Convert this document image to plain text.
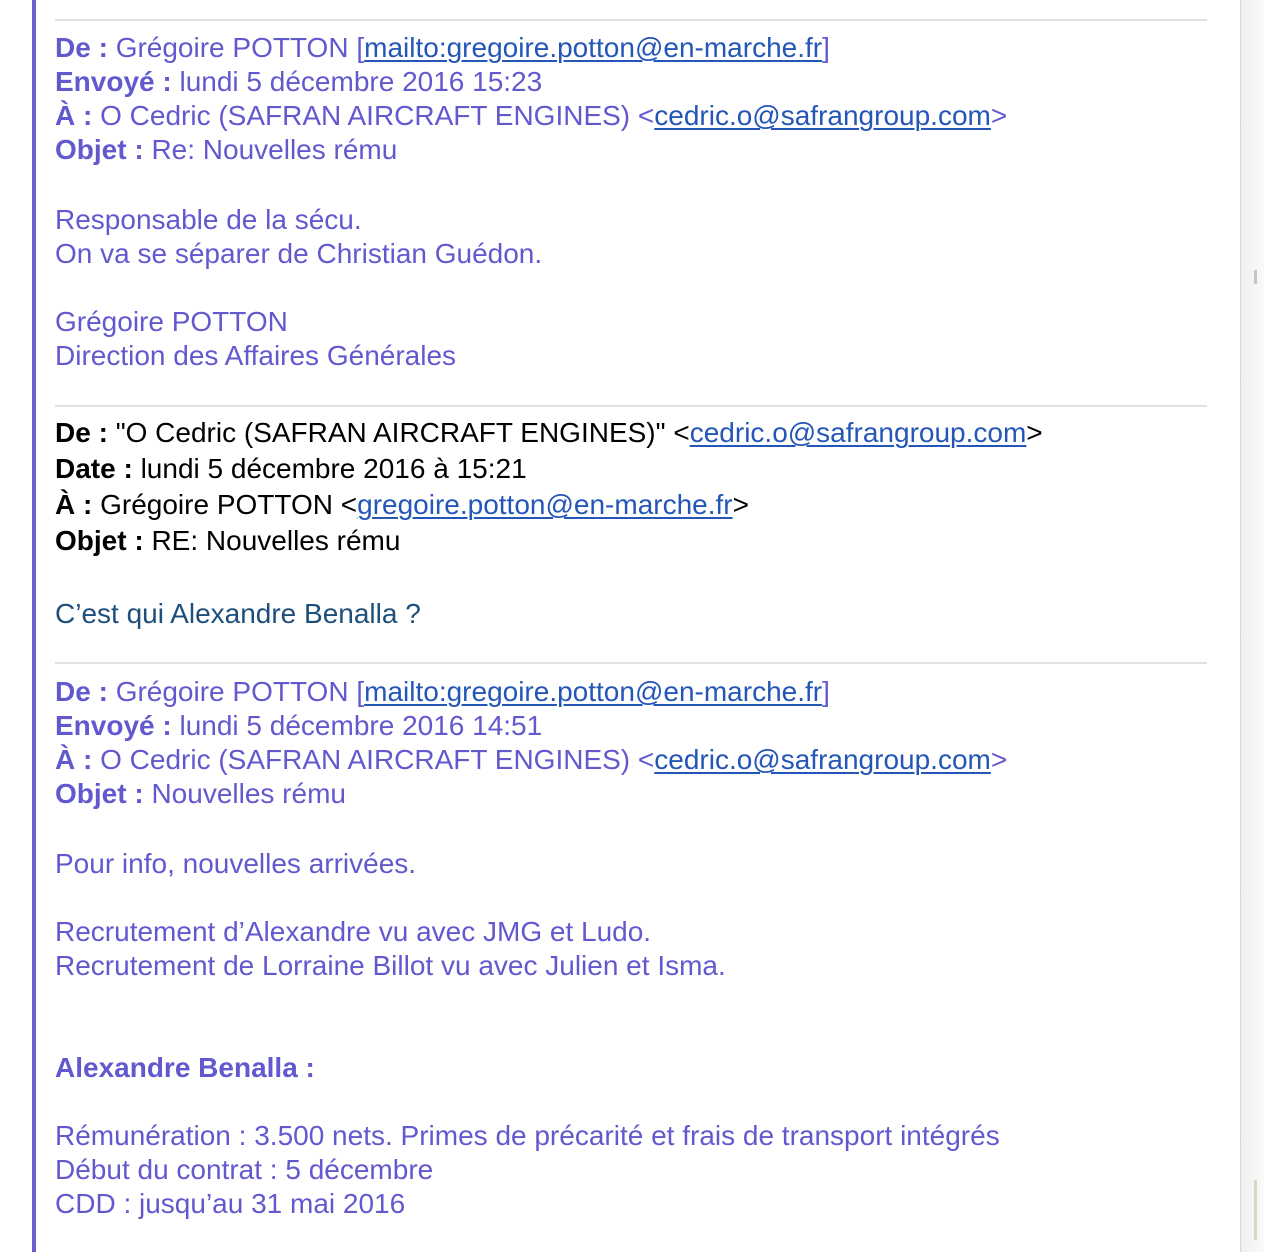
De : Grégoire POTTON [mailto:gregoire.potton@en-marche.fr]
Envoyé : lundi 5 décembre 2016 15:23
À : O Cedric (SAFRAN AIRCRAFT ENGINES) <cedric.o@safrangroup.com>
Objet : Re: Nouvelles rému
Responsable de la sécu.
On va se séparer de Christian Guédon.
Grégoire POTTON
Direction des Affaires Générales
De : "O Cedric (SAFRAN AIRCRAFT ENGINES)" <cedric.o@safrangroup.com>
Date : lundi 5 décembre 2016 à 15:21
À : Grégoire POTTON <gregoire.potton@en-marche.fr>
Objet : RE: Nouvelles rému
C’est qui Alexandre Benalla ?
De : Grégoire POTTON [mailto:gregoire.potton@en-marche.fr]
Envoyé : lundi 5 décembre 2016 14:51
À : O Cedric (SAFRAN AIRCRAFT ENGINES) <cedric.o@safrangroup.com>
Objet : Nouvelles rému
Pour info, nouvelles arrivées.
Recrutement d’Alexandre vu avec JMG et Ludo.
Recrutement de Lorraine Billot vu avec Julien et Isma.
Alexandre Benalla :
Rémunération : 3.500 nets. Primes de précarité et frais de transport intégrés
Début du contrat : 5 décembre
CDD : jusqu’au 31 mai 2016
